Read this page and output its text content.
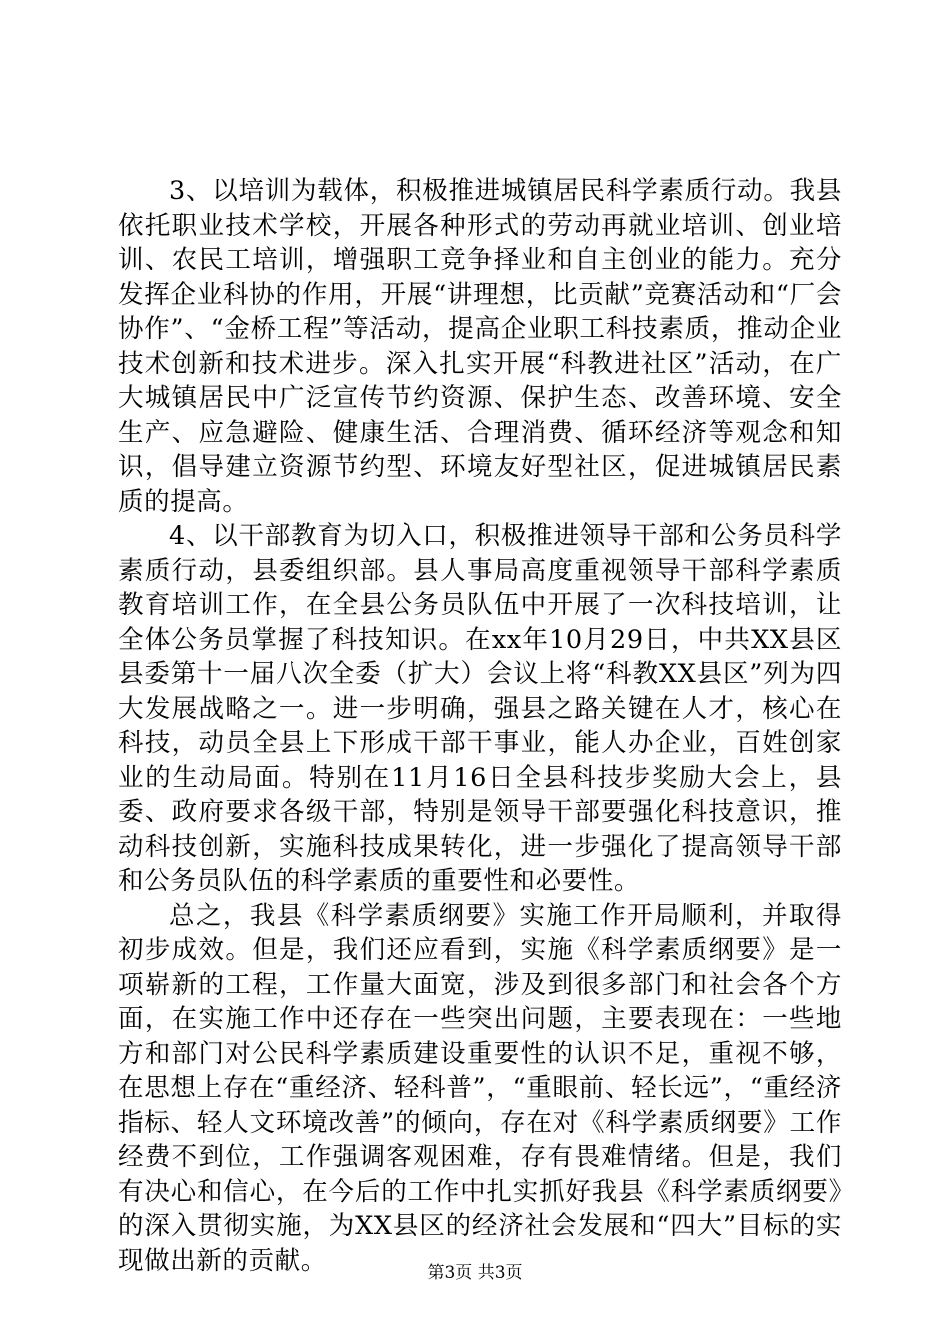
3、以培训为载体，积极推进城镇居民科学素质行动。我县依托职业技术学校，开展各种形式的劳动再就业培训、创业培训、农民工培训，增强职工竞争择业和自主创业的能力。充分发挥企业科协的作用，开展“讲理想，比贡献”竞赛活动和“厂会协作”、“金桥工程”等活动，提高企业职工科技素质，推动企业技术创新和技术进步。深入扎实开展“科教进社区”活动，在广大城镇居民中广泛宣传节约资源、保护生态、改善环境、安全生产、应急避险、健康生活、合理消费、循环经济等观念和知识，倡导建立资源节约型、环境友好型社区，促进城镇居民素质的提高。

4、以干部教育为切入口，积极推进领导干部和公务员科学素质行动，县委组织部。县人事局高度重视领导干部科学素质教育培训工作，在全县公务员队伍中开展了一次科技培训，让全体公务员掌握了科技知识。在xx年10月29日，中共XX县区县委第十一届八次全委（扩大）会议上将“科教XX县区”列为四大发展战略之一。进一步明确，强县之路关键在人才，核心在科技，动员全县上下形成干部干事业，能人办企业，百姓创家业的生动局面。特别在11月16日全县科技步奖励大会上，县委、政府要求各级干部，特别是领导干部要强化科技意识，推动科技创新，实施科技成果转化，进一步强化了提高领导干部和公务员队伍的科学素质的重要性和必要性。

总之，我县《科学素质纲要》实施工作开局顺利，并取得初步成效。但是，我们还应看到，实施《科学素质纲要》是一项崭新的工程，工作量大面宽，涉及到很多部门和社会各个方面，在实施工作中还存在一些突出问题，主要表现在：一些地方和部门对公民科学素质建设重要性的认识不足，重视不够，在思想上存在“重经济、轻科普”，“重眼前、轻长远”，“重经济指标、轻人文环境改善”的倾向，存在对《科学素质纲要》工作经费不到位，工作强调客观困难，存有畏难情绪。但是，我们有决心和信心，在今后的工作中扎实抓好我县《科学素质纲要》的深入贯彻实施，为XX县区的经济社会发展和“四大”目标的实现做出新的贡献。	第3页 共3页
